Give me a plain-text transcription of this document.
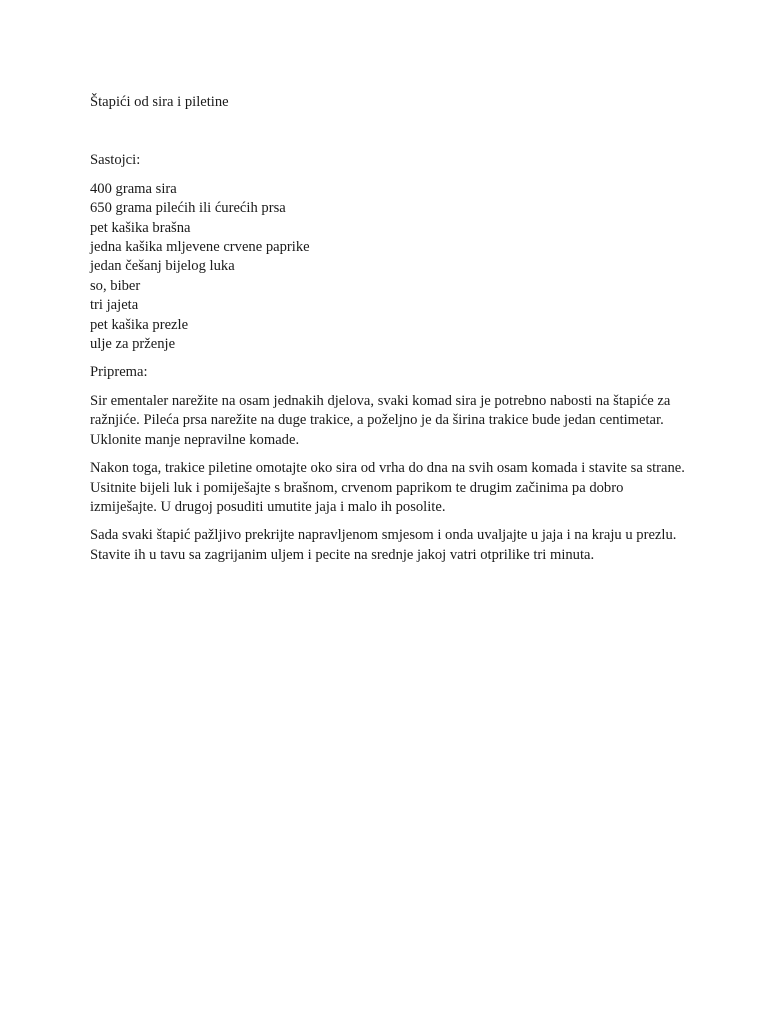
Štapići od sira i piletine

Sastojci:

400 grama sira
650 grama pilećih ili ćurećih prsa
pet kašika brašna
jedna kašika mljevene crvene paprike
jedan češanj bijelog luka
so, biber
tri jajeta
pet kašika prezle
ulje za prženje

Priprema:

Sir ementaler narežite na osam jednakih djelova, svaki komad sira je potrebno nabosti na štapiće za ražnjiće. Pileća prsa narežite na duge trakice, a poželjno je da širina trakice bude jedan centimetar. Uklonite manje nepravilne komade.

Nakon toga, trakice piletine omotajte oko sira od vrha do dna na svih osam komada i stavite sa strane. Usitnite bijeli luk i pomiješajte s brašnom, crvenom paprikom te drugim začinima pa dobro izmiješajte. U drugoj posuditi umutite jaja i malo ih posolite.

Sada svaki štapić pažljivo prekrijte napravljenom smjesom i onda uvaljajte u jaja i na kraju u prezlu. Stavite ih u tavu sa zagrijanim uljem i pecite na srednje jakoj vatri otprilike tri minuta.
